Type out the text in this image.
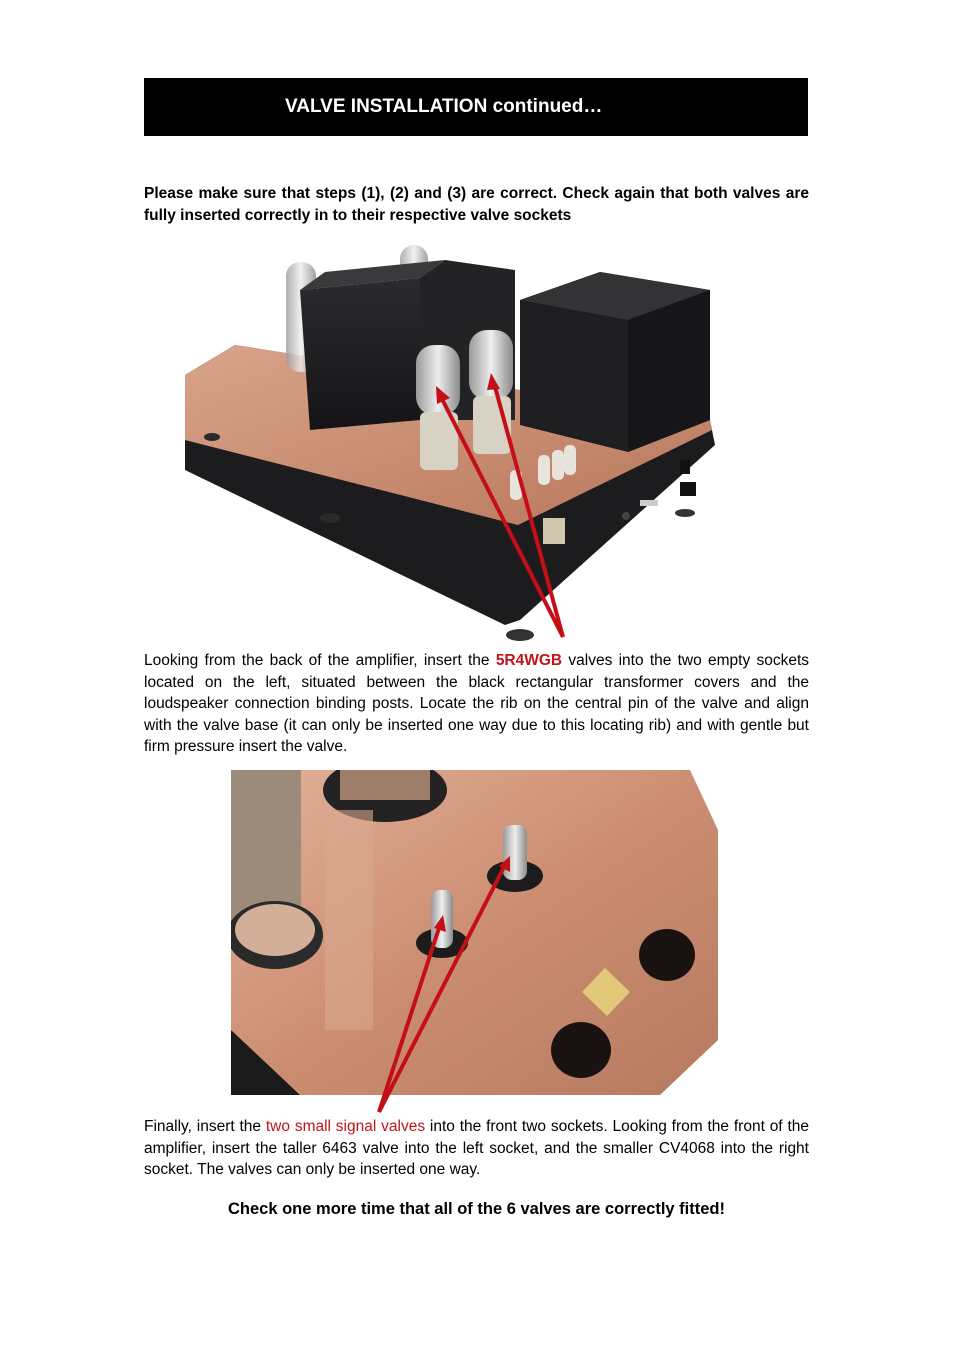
VALVE INSTALLATION continued…
Please make sure that steps (1), (2) and (3) are correct. Check again that both valves are fully inserted correctly in to their respective valve sockets
Looking from the back of the amplifier, insert the 5R4WGB valves into the two empty sockets located on the left, situated between the black rectangular transformer covers and the loudspeaker connection binding posts. Locate the rib on the central pin of the valve and align with the valve base (it can only be inserted one way due to this locating rib) and with gentle but firm pressure insert the valve.
Finally, insert the two small signal valves into the front two sockets. Looking from the front of the amplifier, insert the taller 6463 valve into the left socket, and the smaller CV4068 into the right socket. The valves can only be inserted one way.
Check one more time that all of the 6 valves are correctly fitted!
